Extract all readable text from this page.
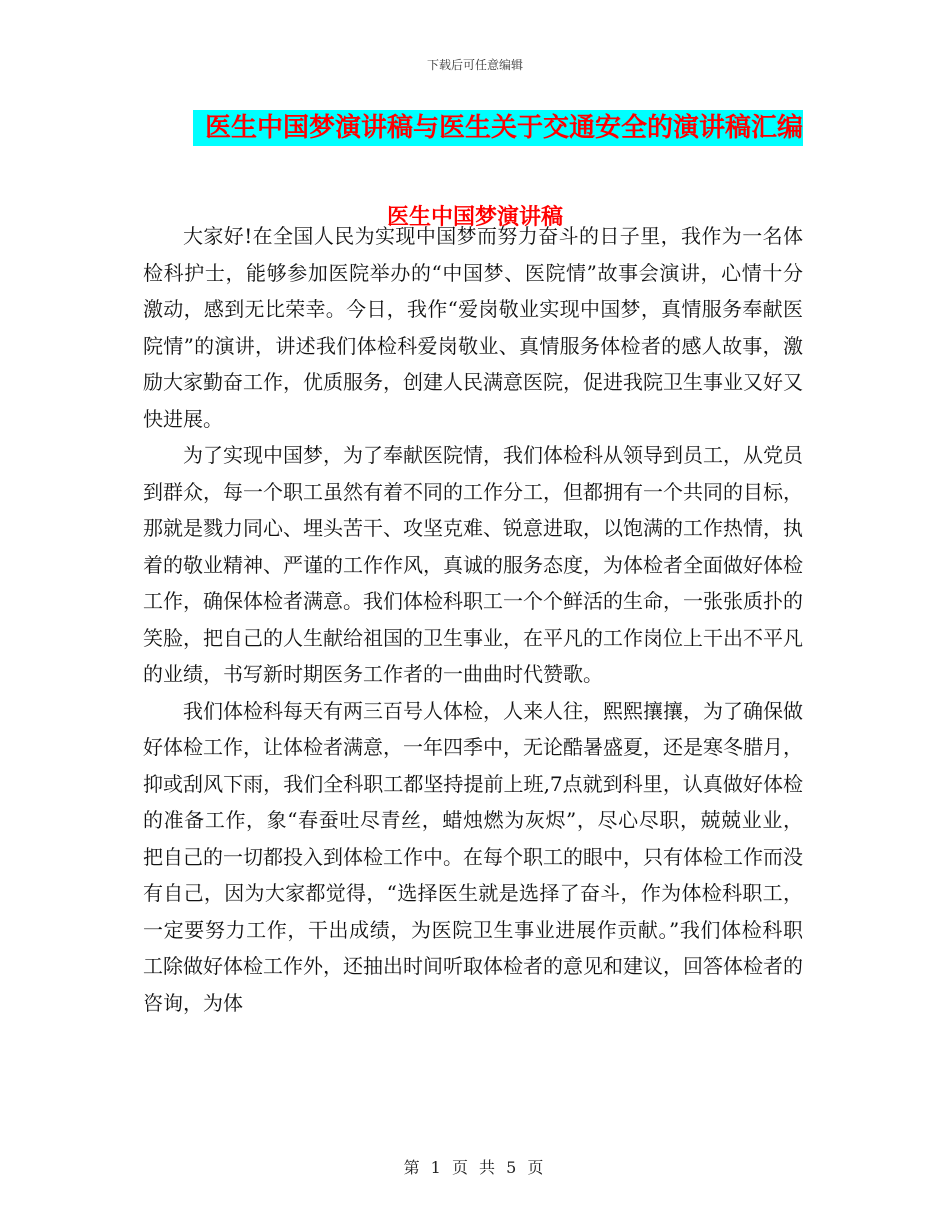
下载后可任意编辑
医生中国梦演讲稿与医生关于交通安全的演讲稿汇编
医生中国梦演讲稿

大家好!在全国人民为实现中国梦而努力奋斗的日子里，我作为一名体检科护士，能够参加医院举办的“中国梦、医院情”故事会演讲，心情十分激动，感到无比荣幸。今日，我作“爱岗敬业实现中国梦，真情服务奉献医院情”的演讲，讲述我们体检科爱岗敬业、真情服务体检者的感人故事，激励大家勤奋工作，优质服务，创建人民满意医院，促进我院卫生事业又好又快进展。

为了实现中国梦，为了奉献医院情，我们体检科从领导到员工，从党员到群众，每一个职工虽然有着不同的工作分工，但都拥有一个共同的目标，那就是戮力同心、埋头苦干、攻坚克难、锐意进取，以饱满的工作热情，执着的敬业精神、严谨的工作作风，真诚的服务态度，为体检者全面做好体检工作，确保体检者满意。我们体检科职工一个个鲜活的生命，一张张质扑的笑脸，把自己的人生献给祖国的卫生事业，在平凡的工作岗位上干出不平凡的业绩，书写新时期医务工作者的一曲曲时代赞歌。

我们体检科每天有两三百号人体检，人来人往，熙熙攘攘，为了确保做好体检工作，让体检者满意，一年四季中，无论酷暑盛夏，还是寒冬腊月，抑或刮风下雨，我们全科职工都坚持提前上班,7点就到科里，认真做好体检的准备工作，象“春蚕吐尽青丝，蜡烛燃为灰烬”，尽心尽职，兢兢业业，把自己的一切都投入到体检工作中。在每个职工的眼中，只有体检工作而没有自己，因为大家都觉得，“选择医生就是选择了奋斗，作为体检科职工，一定要努力工作，干出成绩，为医院卫生事业进展作贡献。”我们体检科职工除做好体检工作外，还抽出时间听取体检者的意见和建议，回答体检者的咨询，为体

第 1 页 共 5 页
